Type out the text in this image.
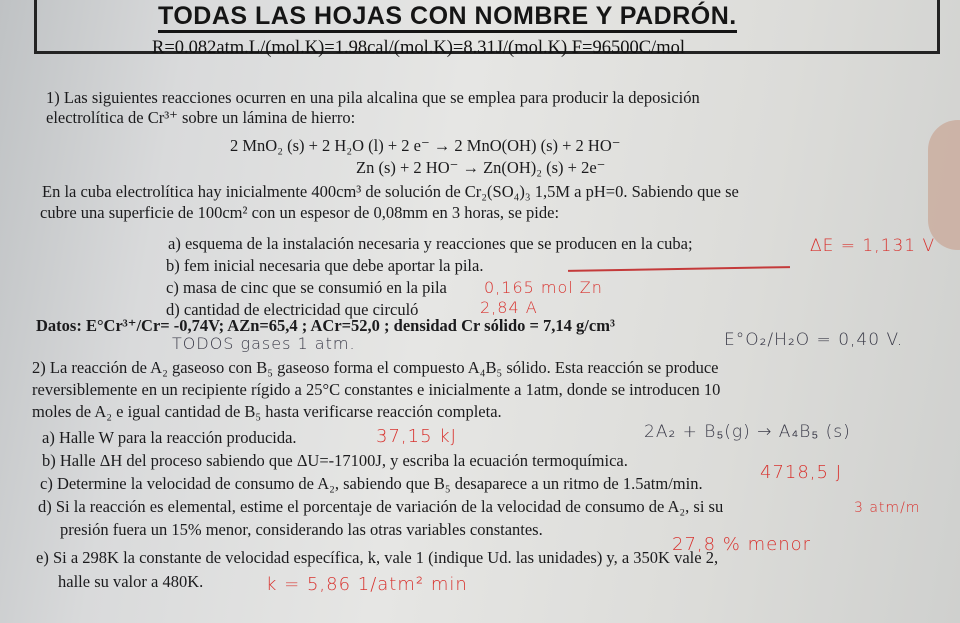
TODAS LAS HOJAS CON NOMBRE Y PADRÓN.
R=0.082atm.L/(mol.K)=1.98cal/(mol.K)=8.31J/(mol.K) F=96500C/mol
1) Las siguientes reacciones ocurren en una pila alcalina que se emplea para producir la deposición
electrolítica de Cr³⁺ sobre un lámina de hierro:
2 MnO₂ (s) + 2 H₂O (l) + 2 e⁻ → 2 MnO(OH) (s) + 2 HO⁻
Zn (s) + 2 HO⁻ → Zn(OH)₂ (s) + 2e⁻
En la cuba electrolítica hay inicialmente 400cm³ de solución de Cr₂(SO₄)₃ 1,5M a pH=0. Sabiendo que se
cubre una superficie de 100cm² con un espesor de 0,08mm en 3 horas, se pide:
a) esquema de la instalación necesaria y reacciones que se producen en la cuba;
b) fem inicial necesaria que debe aportar la pila.
c) masa de cinc que se consumió en la pila
d) cantidad de electricidad que circuló
Datos: E°Cr³⁺/Cr= -0,74V; AZn=65,4 ; ACr=52,0 ; densidad Cr sólido = 7,14 g/cm³
2) La reacción de A₂ gaseoso con B₅ gaseoso forma el compuesto A₄B₅ sólido. Esta reacción se produce
reversiblemente en un recipiente rígido a 25°C constantes e inicialmente a 1atm, donde se introducen 10
moles de A₂ e igual cantidad de B₅ hasta verificarse reacción completa.
a) Halle W para la reacción producida.
b) Halle ΔH del proceso sabiendo que ΔU=-17100J, y escriba la ecuación termoquímica.
c) Determine la velocidad de consumo de A₂, sabiendo que B₅ desaparece a un ritmo de 1.5atm/min.
d) Si la reacción es elemental, estime el porcentaje de variación de la velocidad de consumo de A₂, si su
presión fuera un 15% menor, considerando las otras variables constantes.
e) Si a 298K la constante de velocidad específica, k, vale 1 (indique Ud. las unidades) y, a 350K vale 2,
halle su valor a 480K.
ΔE = 1,131 V
0,165 mol Zn
2,84 A
TODOS gases 1 atm.	E°O₂/H₂O = 0,40 V.
37,15 kJ	2A₂ + B₅(g) → A₄B₅ (s)
4718,5 J
3 atm/m
27,8 % menor
k = 5,86 1/atm² min
